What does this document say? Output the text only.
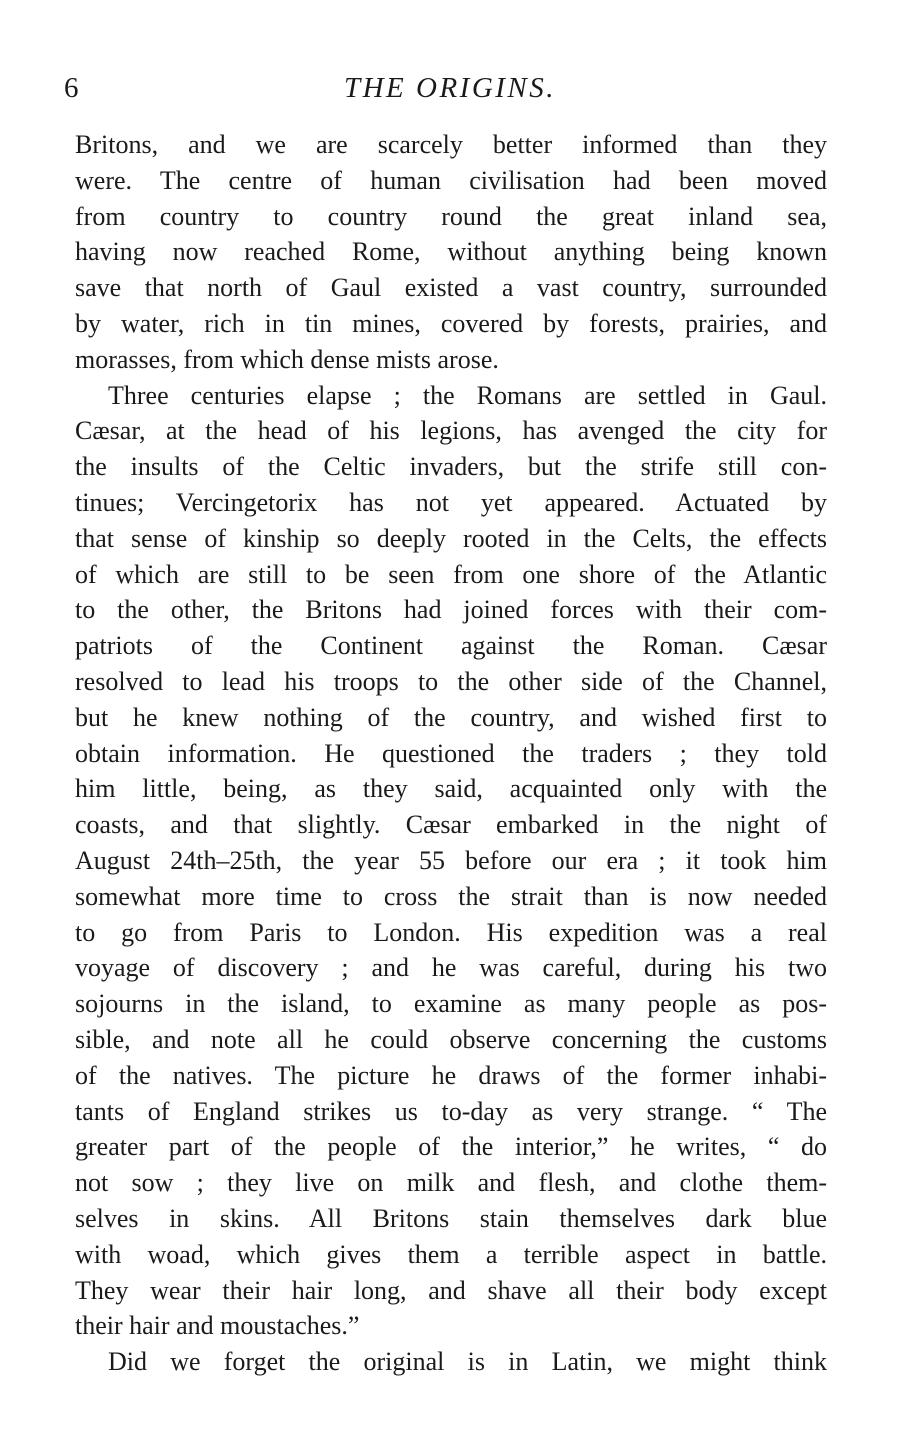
6	THE ORIGINS.
Britons, and we are scarcely better informed than they
were. The centre of human civilisation had been moved
from country to country round the great inland sea,
having now reached Rome, without anything being known
save that north of Gaul existed a vast country, surrounded
by water, rich in tin mines, covered by forests, prairies, and
morasses, from which dense mists arose.
Three centuries elapse ; the Romans are settled in Gaul.
Cæsar, at the head of his legions, has avenged the city for
the insults of the Celtic invaders, but the strife still con-
tinues; Vercingetorix has not yet appeared. Actuated by
that sense of kinship so deeply rooted in the Celts, the effects
of which are still to be seen from one shore of the Atlantic
to the other, the Britons had joined forces with their com-
patriots of the Continent against the Roman. Cæsar
resolved to lead his troops to the other side of the Channel,
but he knew nothing of the country, and wished first to
obtain information. He questioned the traders ; they told
him little, being, as they said, acquainted only with the
coasts, and that slightly. Cæsar embarked in the night of
August 24th–25th, the year 55 before our era ; it took him
somewhat more time to cross the strait than is now needed
to go from Paris to London. His expedition was a real
voyage of discovery ; and he was careful, during his two
sojourns in the island, to examine as many people as pos-
sible, and note all he could observe concerning the customs
of the natives. The picture he draws of the former inhabi-
tants of England strikes us to-day as very strange. “ The
greater part of the people of the interior,” he writes, “ do
not sow ; they live on milk and flesh, and clothe them-
selves in skins. All Britons stain themselves dark blue
with woad, which gives them a terrible aspect in battle.
They wear their hair long, and shave all their body except
their hair and moustaches.”
Did we forget the original is in Latin, we might think
